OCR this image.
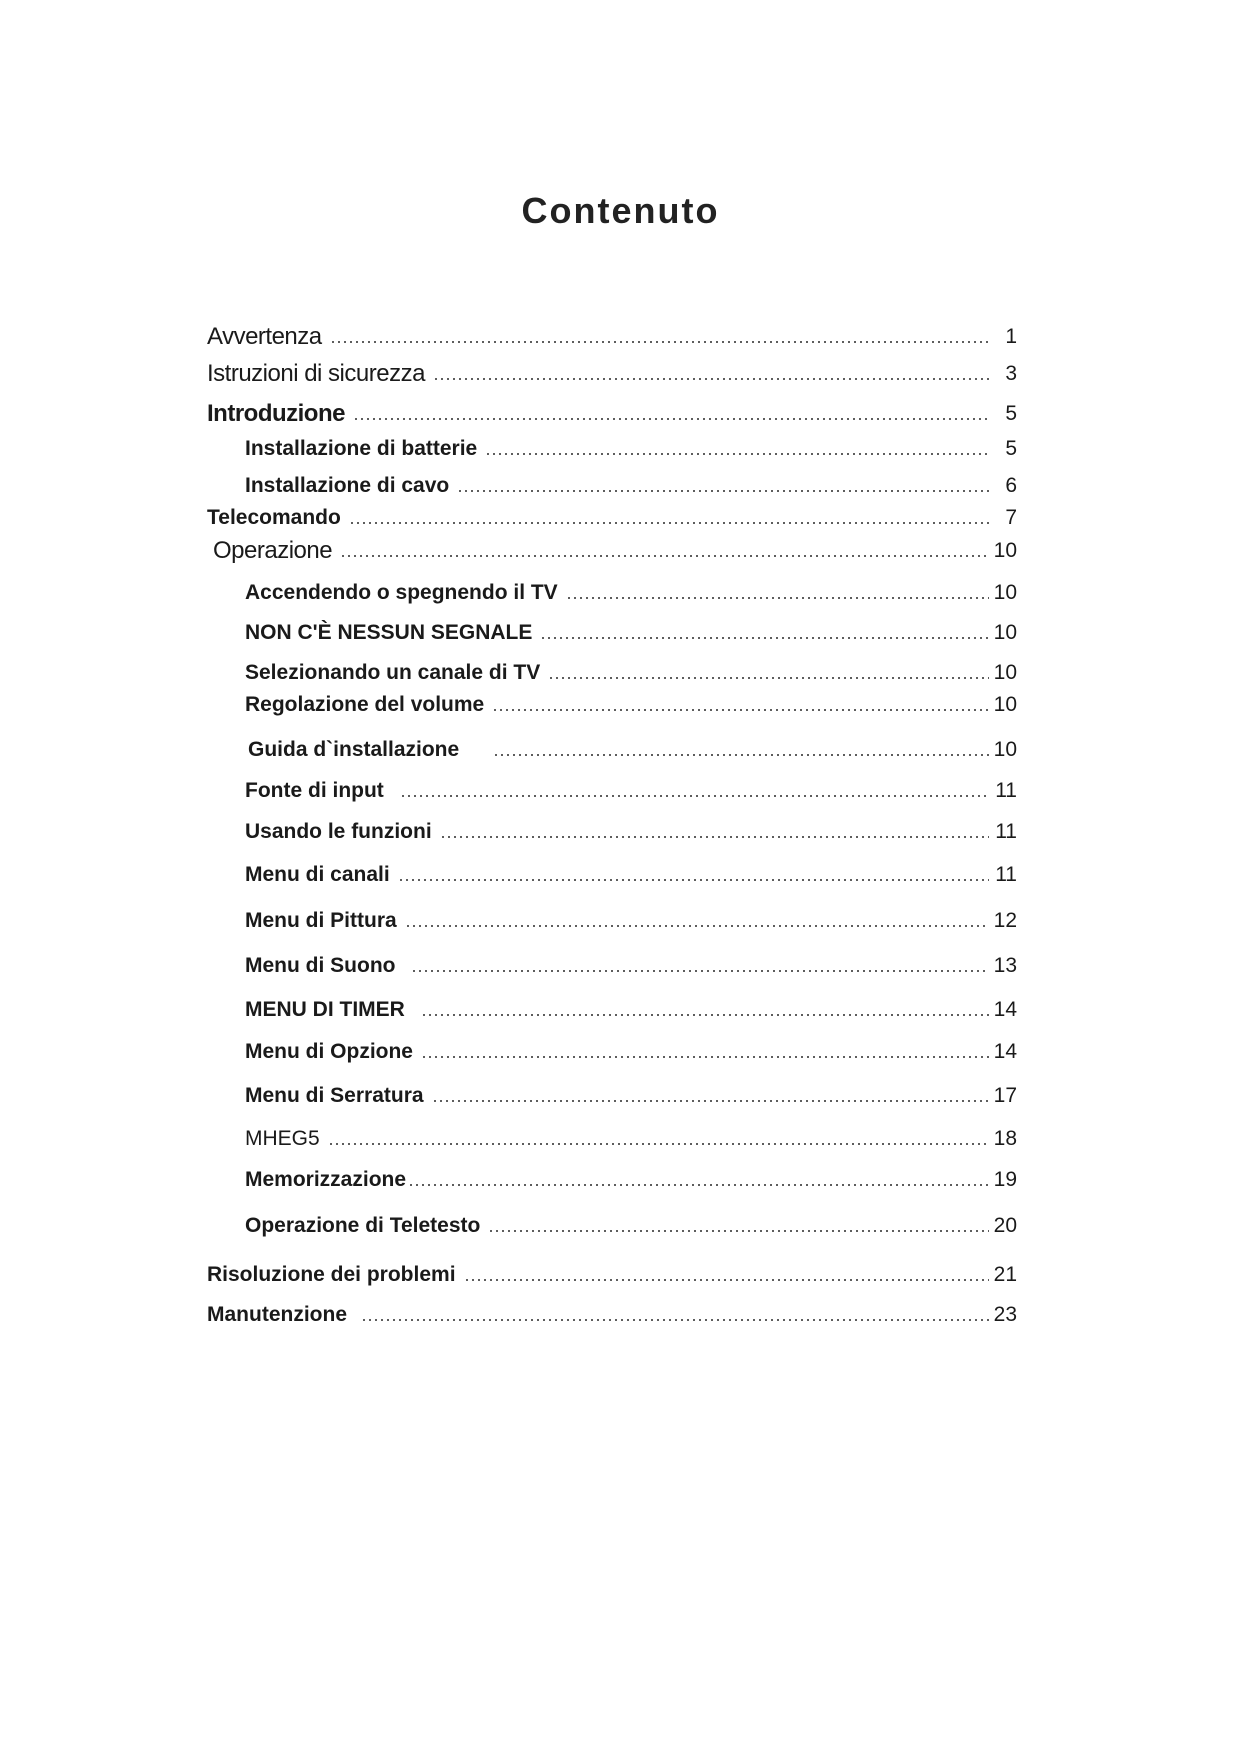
Contenuto
Avvertenza	1
Istruzioni di sicurezza	3
Introduzione	5
Installazione di batterie	5
Installazione di cavo	6
Telecomando	7
Operazione	10
Accendendo o spegnendo il TV	10
NON C'È NESSUN SEGNALE	10
Selezionando un canale di TV	10
Regolazione del volume	10
Guida d`installazione	10
Fonte di input	11
Usando le funzioni	11
Menu di canali	11
Menu di Pittura	12
Menu di Suono	13
MENU DI TIMER	14
Menu di Opzione	14
Menu di Serratura	17
MHEG5	18
Memorizzazione	19
Operazione di Teletesto	20
Risoluzione dei problemi	21
Manutenzione	23
